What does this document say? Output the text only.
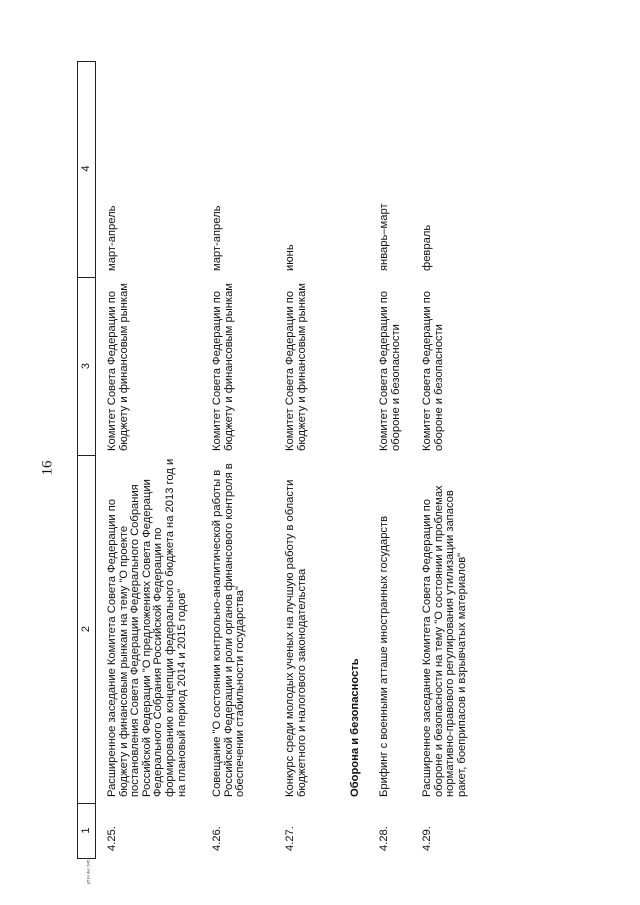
16
р514 doc 645
1
2
3
4
4.25.
Расширенное заседание Комитета Совета Федерации по бюджету и финансовым рынкам на тему "О проекте постановления Совета Федерации Федерального Собрания Российской Федерации "О предложениях Совета Федерации Федерального Собрания Российской Федерации по формированию концепции федерального бюджета на 2013 год и на плановый период 2014 и 2015 годов"
Комитет Совета Федерации по бюджету и финансовым рынкам
март-апрель
4.26.
Совещание "О состоянии контрольно-аналитической работы в Российской Федерации и роли органов финансового контроля в обеспечении стабильности государства"
Комитет Совета Федерации по бюджету и финансовым рынкам
март-апрель
4.27.
Конкурс среди молодых ученых на лучшую работу в области бюджетного и налогового законодательства
Комитет Совета Федерации по бюджету и финансовым рынкам
июнь
Оборона и безопасность
4.28.
Брифинг с военными атташе иностранных государств
Комитет Совета Федерации по обороне и безопасности
январь–март
4.29.
Расширенное заседание Комитета Совета Федерации по обороне и безопасности на тему "О состоянии и проблемах нормативно-правового регулирования утилизации запасов ракет, боеприпасов и взрывчатых материалов"
Комитет Совета Федерации по обороне и безопасности
февраль
